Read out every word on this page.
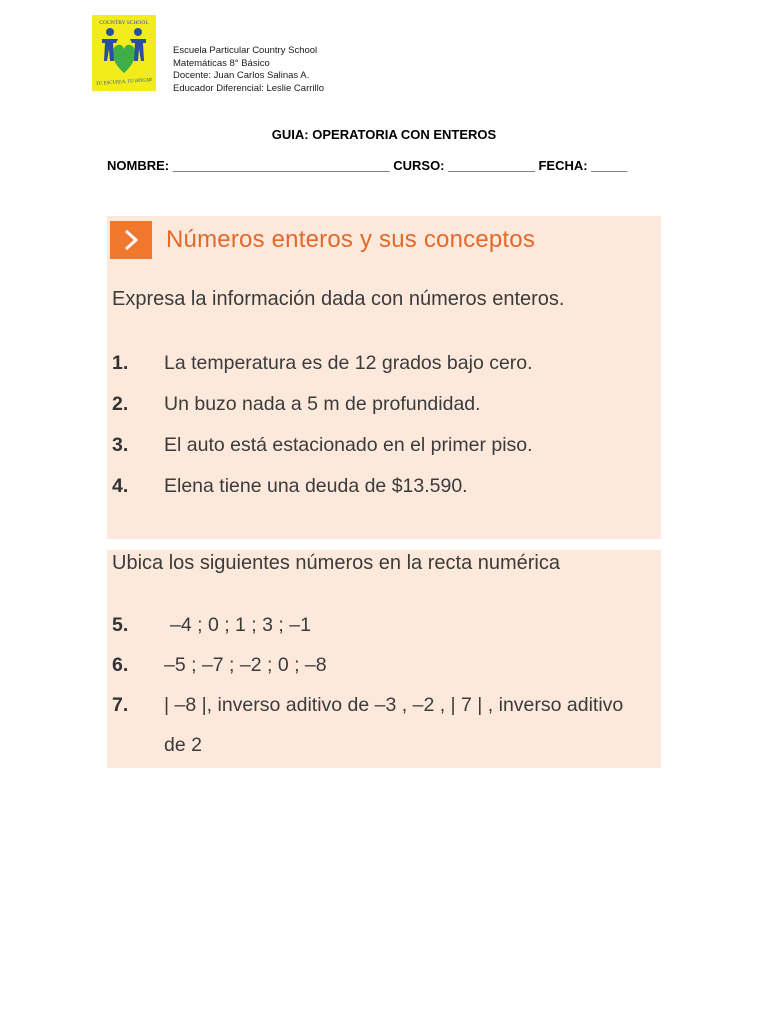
COUNTRY SCHOOL
TU ESCUELA, TU HOGAR
Escuela Particular Country School
Matemáticas 8° Básico
Docente: Juan Carlos Salinas A.
Educador Diferencial: Leslie Carrillo
GUIA: OPERATORIA CON ENTEROS
NOMBRE: ______________________________ CURSO: ____________ FECHA: _____
Números enteros y sus conceptos
Expresa la información dada con números enteros.
1. La temperatura es de 12 grados bajo cero.
2. Un buzo nada a 5 m de profundidad.
3. El auto está estacionado en el primer piso.
4. Elena tiene una deuda de $13.590.
Ubica los siguientes números en la recta numérica
5. –4 ; 0 ; 1 ; 3 ; –1
6. –5 ; –7 ; –2 ; 0 ; –8
7. | –8 |, inverso aditivo de –3 , –2 , | 7 | , inverso aditivo
de 2
